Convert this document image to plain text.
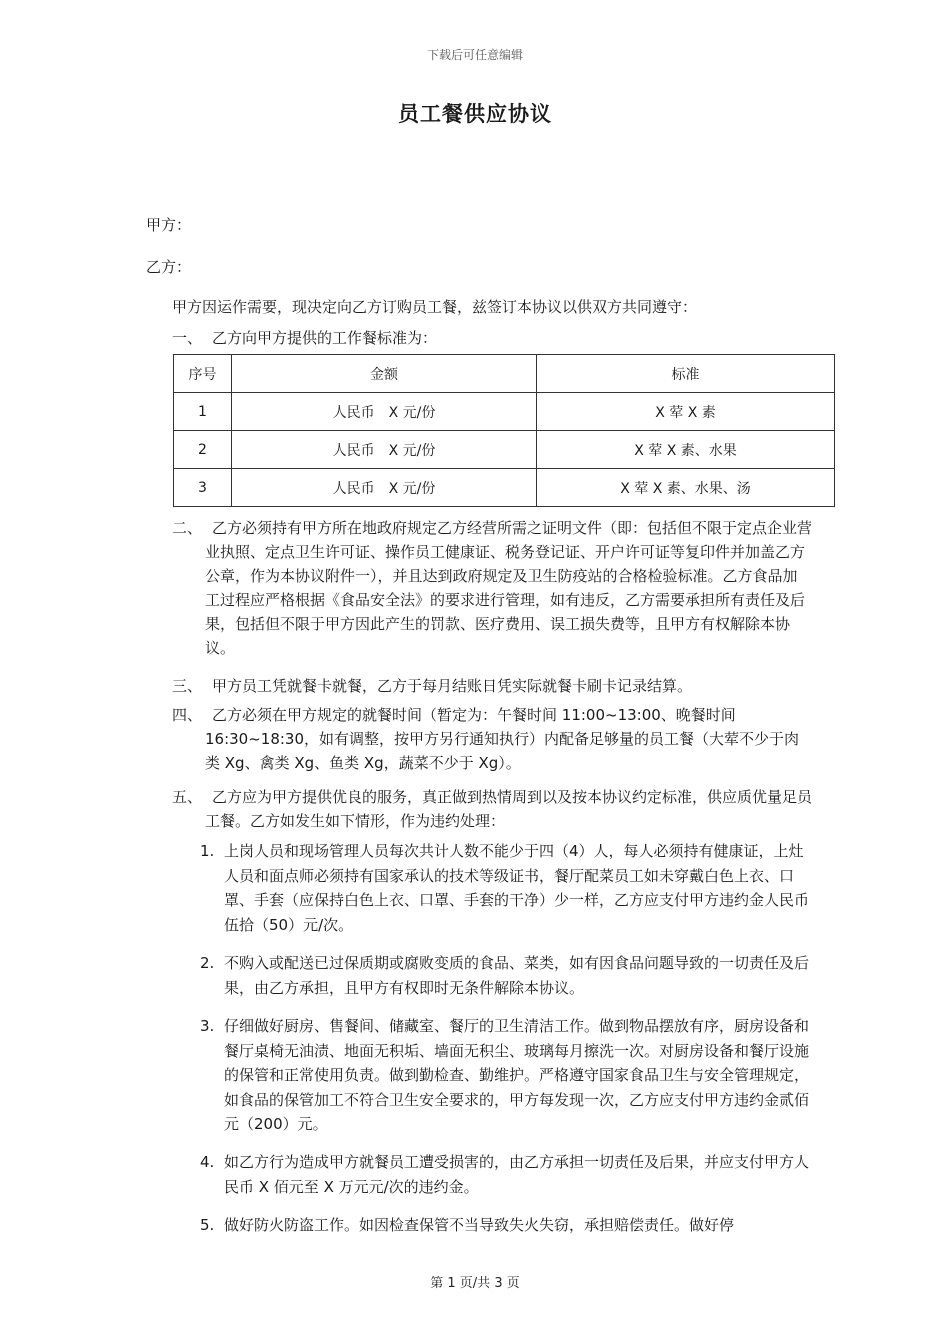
下载后可任意编辑
员工餐供应协议
甲方：
乙方：
甲方因运作需要，现决定向乙方订购员工餐，兹签订本协议以供双方共同遵守：
一、 乙方向甲方提供的工作餐标准为：
序号	金额	标准
1	人民币　X 元/份	X 荤 X 素
2	人民币　X 元/份	X 荤 X 素、水果
3	人民币　X 元/份	X 荤 X 素、水果、汤
二、 乙方必须持有甲方所在地政府规定乙方经营所需之证明文件（即：包括但不限于定点企业营业执照、定点卫生许可证、操作员工健康证、税务登记证、开户许可证等复印件并加盖乙方公章，作为本协议附件一），并且达到政府规定及卫生防疫站的合格检验标准。乙方食品加工过程应严格根据《食品安全法》的要求进行管理，如有违反，乙方需要承担所有责任及后果，包括但不限于甲方因此产生的罚款、医疗费用、误工损失费等，且甲方有权解除本协议。
三、 甲方员工凭就餐卡就餐，乙方于每月结账日凭实际就餐卡刷卡记录结算。
四、 乙方必须在甲方规定的就餐时间（暂定为：午餐时间 11:00~13:00、晚餐时间 16:30~18:30，如有调整，按甲方另行通知执行）内配备足够量的员工餐（大荤不少于肉类 Xg、禽类 Xg、鱼类 Xg，蔬菜不少于 Xg）。
五、 乙方应为甲方提供优良的服务，真正做到热情周到以及按本协议约定标准，供应质优量足员工餐。乙方如发生如下情形，作为违约处理：
1. 上岗人员和现场管理人员每次共计人数不能少于四（4）人，每人必须持有健康证，上灶人员和面点师必须持有国家承认的技术等级证书，餐厅配菜员工如未穿戴白色上衣、口罩、手套（应保持白色上衣、口罩、手套的干净）少一样，乙方应支付甲方违约金人民币伍拾（50）元/次。
2. 不购入或配送已过保质期或腐败变质的食品、菜类，如有因食品问题导致的一切责任及后果，由乙方承担，且甲方有权即时无条件解除本协议。
3. 仔细做好厨房、售餐间、储藏室、餐厅的卫生清洁工作。做到物品摆放有序，厨房设备和餐厅桌椅无油渍、地面无积垢、墙面无积尘、玻璃每月擦洗一次。对厨房设备和餐厅设施的保管和正常使用负责。做到勤检查、勤维护。严格遵守国家食品卫生与安全管理规定，如食品的保管加工不符合卫生安全要求的，甲方每发现一次，乙方应支付甲方违约金贰佰元（200）元。
4. 如乙方行为造成甲方就餐员工遭受损害的，由乙方承担一切责任及后果，并应支付甲方人民币 X 佰元至 X 万元元/次的违约金。
5. 做好防火防盗工作。如因检查保管不当导致失火失窃，承担赔偿责任。做好停
第 1 页/共 3 页
